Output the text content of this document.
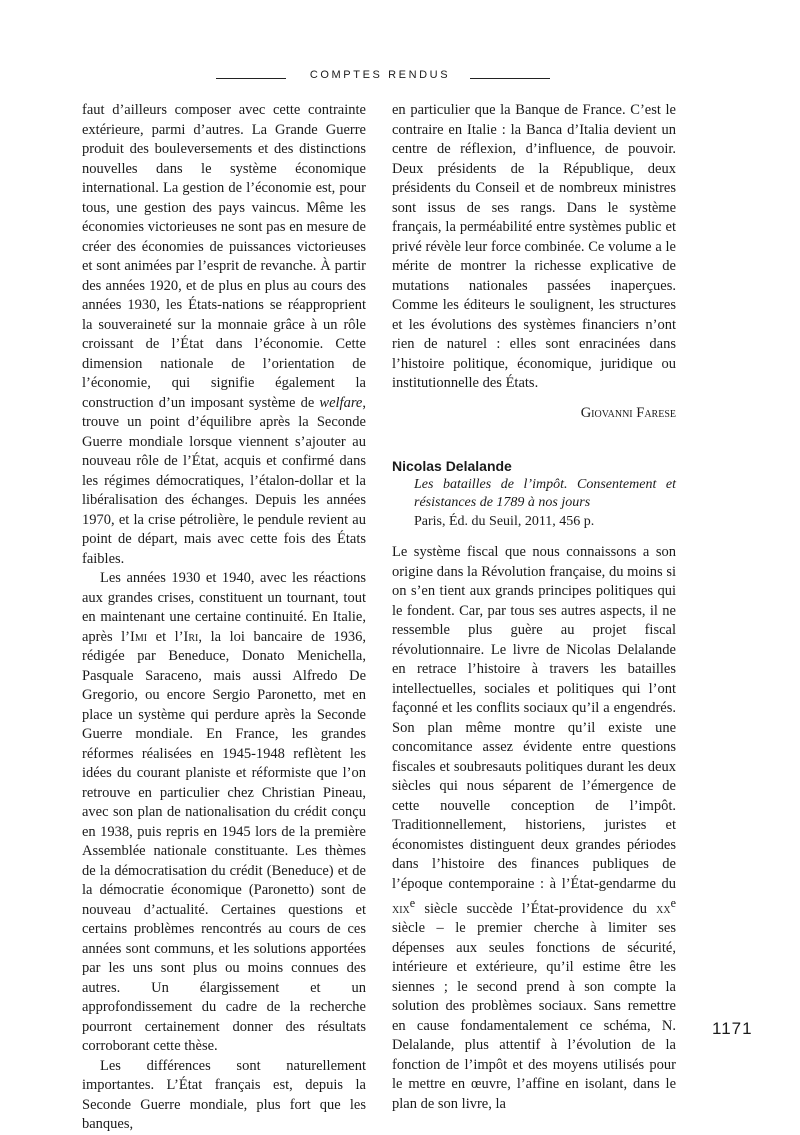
COMPTES RENDUS

faut d’ailleurs composer avec cette contrainte extérieure, parmi d’autres. La Grande Guerre produit des bouleversements et des distinctions nouvelles dans le système économique international. La gestion de l’économie est, pour tous, une gestion des pays vaincus. Même les économies victorieuses ne sont pas en mesure de créer des économies de puissances victorieuses et sont animées par l’esprit de revanche. À partir des années 1920, et de plus en plus au cours des années 1930, les États-nations se réapproprient la souveraineté sur la monnaie grâce à un rôle croissant de l’État dans l’économie. Cette dimension nationale de l’orientation de l’économie, qui signifie également la construction d’un imposant système de welfare, trouve un point d’équilibre après la Seconde Guerre mondiale lorsque viennent s’ajouter au nouveau rôle de l’État, acquis et confirmé dans les régimes démocratiques, l’étalon-dollar et la libéralisation des échanges. Depuis les années 1970, et la crise pétrolière, le pendule revient au point de départ, mais avec cette fois des États faibles.

Les années 1930 et 1940, avec les réactions aux grandes crises, constituent un tournant, tout en maintenant une certaine continuité. En Italie, après l’Imi et l’Iri, la loi bancaire de 1936, rédigée par Beneduce, Donato Menichella, Pasquale Saraceno, mais aussi Alfredo De Gregorio, ou encore Sergio Paronetto, met en place un système qui perdure après la Seconde Guerre mondiale. En France, les grandes réformes réalisées en 1945-1948 reflètent les idées du courant planiste et réformiste que l’on retrouve en particulier chez Christian Pineau, avec son plan de nationalisation du crédit conçu en 1938, puis repris en 1945 lors de la première Assemblée nationale constituante. Les thèmes de la démocratisation du crédit (Beneduce) et de la démocratie économique (Paronetto) sont de nouveau d’actualité. Certaines questions et certains problèmes rencontrés au cours de ces années sont communs, et les solutions apportées par les uns sont plus ou moins connues des autres. Un élargissement et un approfondissement du cadre de la recherche pourront certainement donner des résultats corroborant cette thèse.

Les différences sont naturellement importantes. L’État français est, depuis la Seconde Guerre mondiale, plus fort que les banques,

en particulier que la Banque de France. C’est le contraire en Italie : la Banca d’Italia devient un centre de réflexion, d’influence, de pouvoir. Deux présidents de la République, deux présidents du Conseil et de nombreux ministres sont issus de ses rangs. Dans le système français, la perméabilité entre systèmes public et privé révèle leur force combinée. Ce volume a le mérite de montrer la richesse explicative de mutations nationales passées inaperçues. Comme les éditeurs le soulignent, les structures et les évolutions des systèmes financiers n’ont rien de naturel : elles sont enracinées dans l’histoire politique, économique, juridique ou institutionnelle des États.

Giovanni Farese

Nicolas Delalande

Les batailles de l’impôt. Consentement et résistances de 1789 à nos jours

Paris, Éd. du Seuil, 2011, 456 p.

Le système fiscal que nous connaissons a son origine dans la Révolution française, du moins si on s’en tient aux grands principes politiques qui le fondent. Car, par tous ses autres aspects, il ne ressemble plus guère au projet fiscal révolutionnaire. Le livre de Nicolas Delalande en retrace l’histoire à travers les batailles intellectuelles, sociales et politiques qui l’ont façonné et les conflits sociaux qu’il a engendrés. Son plan même montre qu’il existe une concomitance assez évidente entre questions fiscales et soubresauts politiques durant les deux siècles qui nous séparent de l’émergence de cette nouvelle conception de l’impôt. Traditionnellement, historiens, juristes et économistes distinguent deux grandes périodes dans l’histoire des finances publiques de l’époque contemporaine : à l’État-gendarme du xix$^e$ siècle succède l’État-providence du $xx^e$ siècle – le premier cherche à limiter ses dépenses aux seules fonctions de sécurité, intérieure et extérieure, qu’il estime être les siennes ; le second prend à son compte la solution des problèmes sociaux. Sans remettre en cause fondamentalement ce schéma, N. Delalande, plus attentif à l’évolution de la fonction de l’impôt et des moyens utilisés pour le mettre en œuvre, l’affine en isolant, dans le plan de son livre, la

1171
